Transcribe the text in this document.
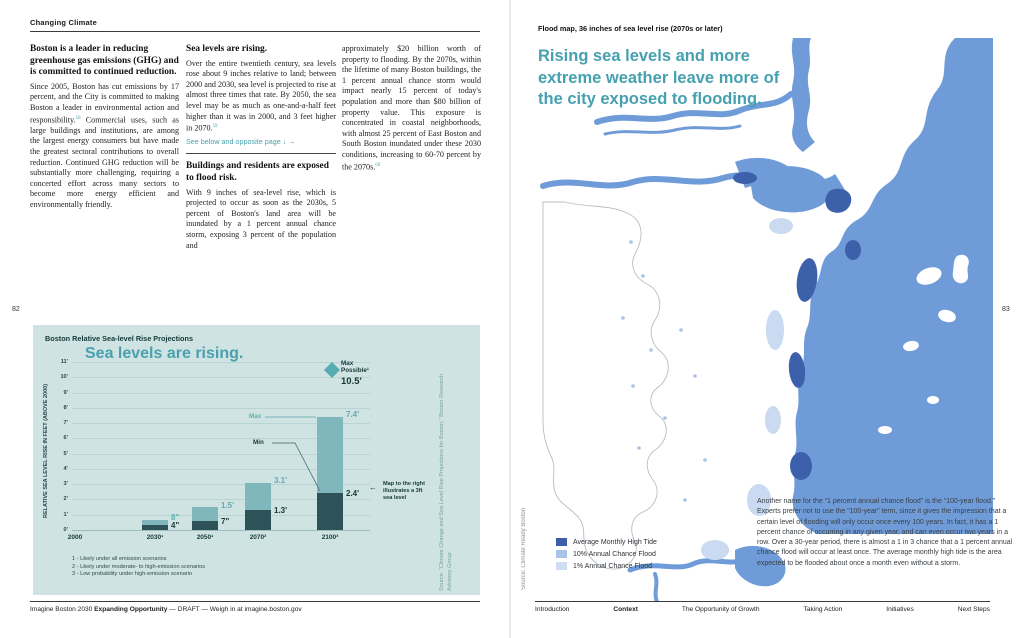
Changing Climate
Boston is a leader in reducing greenhouse gas emissions (GHG) and is committed to continued reduction.

Since 2005, Boston has cut emissions by 17 percent, and the City is committed to making Boston a leader in environmental action and responsibility.$^{58}$ Commercial uses, such as large buildings and institutions, are among the largest energy consumers but have made the greatest sectoral contributions to overall reduction. Continued GHG reduction will be substantially more challenging, requiring a concerted effort across many sectors to become more energy efficient and environmentally friendly.

Sea levels are rising.

Over the entire twentieth century, sea levels rose about 9 inches relative to land; between 2000 and 2030, sea level is projected to rise at almost three times that rate. By 2050, the sea level may be as much as one-and-a-half feet higher than it was in 2000, and 3 feet higher in 2070.59

See below and opposite page ↓ →
Buildings and residents are exposed to flood risk.

With 9 inches of sea-level rise, which is projected to occur as soon as the 2030s, 5 percent of Boston's land area will be inundated by a 1 percent annual chance storm, exposing 3 percent of the population and

approximately $20 billion worth of property to flooding. By the 2070s, within the lifetime of many Boston buildings, the 1 percent annual chance storm would impact nearly 15 percent of today's population and more than $80 billion of property value. This exposure is concentrated in coastal neighborhoods, with almost 25 percent of East Boston and South Boston inundated under these 2030 conditions, increasing to 60-70 percent by the 2070s.$^{60}$

82
Boston Relative Sea-level Rise Projections
Sea levels are rising.
RELATIVE SEA LEVEL RISE IN FEET (ABOVE 2000)
0'
1'
2'
3'
4'
5'
6'
7'
8'
9'
10'
11'
2000	2030¹	2050¹	2070²	2100³
8"
4"
1.5'
7"
3.1'
1.3'
7.4'
2.4'
Max
Min
Max Possible¹
10.5'
1 - Likely under all emission scenarios
2 - Likely under moderate- to high-emission scenarios
3 - Low probability under high-emission scenario
← Map to the right illustrates a 3ft sea level	Source: “Climate Change and Sea Level Rise Projections for Boston,” Boston Research Advisory Group
Imagine Boston 2030 Expanding Opportunity — DRAFT — Weigh in at imagine.boston.gov
Flood map, 36 inches of sea level rise (2070s or later)
Rising sea levels and more extreme weather leave more of the city exposed to flooding.
Average Monthly High Tide
10% Annual Chance Flood
1% Annual Chance Flood
Source: Climate Ready Boston
Another name for the “1 percent annual chance flood” is the “100-year flood.” Experts prefer not to use the “100-year” term, since it gives the impression that a certain level of flooding will only occur once every 100 years. In fact, it has a 1 percent chance of occurring in any given year, and can even occur two years in a row. Over a 30-year period, there is almost a 1 in 3 chance that a 1 percent annual chance flood will occur at least once. The average monthly high tide is the area expected to be flooded about once a month even without a storm.
83
Introduction	Context	The Opportunity of Growth	Taking Action	Initiatives	Next Steps
